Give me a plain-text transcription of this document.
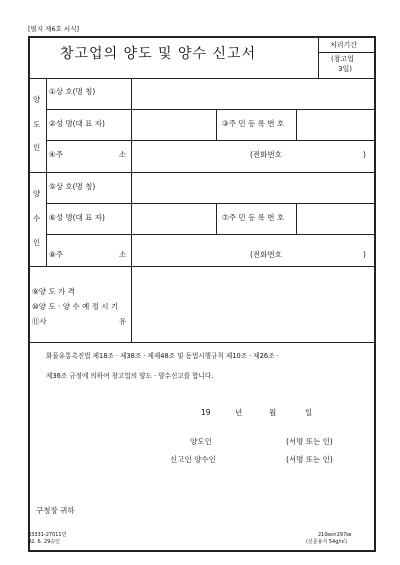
[별지 제6호 서식]
창고업의 양도 및 양수 신고서
처리기간
(창고업
3일)
양
도
인
①상 호(명 칭)
②성 명(대 표 자)	③주 민 등 록 번 호
④주	소	(전화번호	)
양
수
인
⑤상 호(명 칭)
⑥성 명(대 표 자)	⑦주 민 등 록 번 호
⑧주	소	(전화번호	)
⑨양 도 가 격
⑩양 도 · 양 수 예 정 시 기
⑪사	유
화물유통촉진법 제18조 · 제38조 · 제제48조 및 동법시행규칙 제10조 · 제26조 ·
제36조 규정에 의하여 창고업의 양도 · 양수신고를 합니다.
19	년	월	일
양도인	(서명 또는 인)
신고인 양수인	(서명 또는 인)
구청장 귀하
33331-27011민
92. 6. 29승인
210㎜×297㎜
(신문용지 54g/㎡)
